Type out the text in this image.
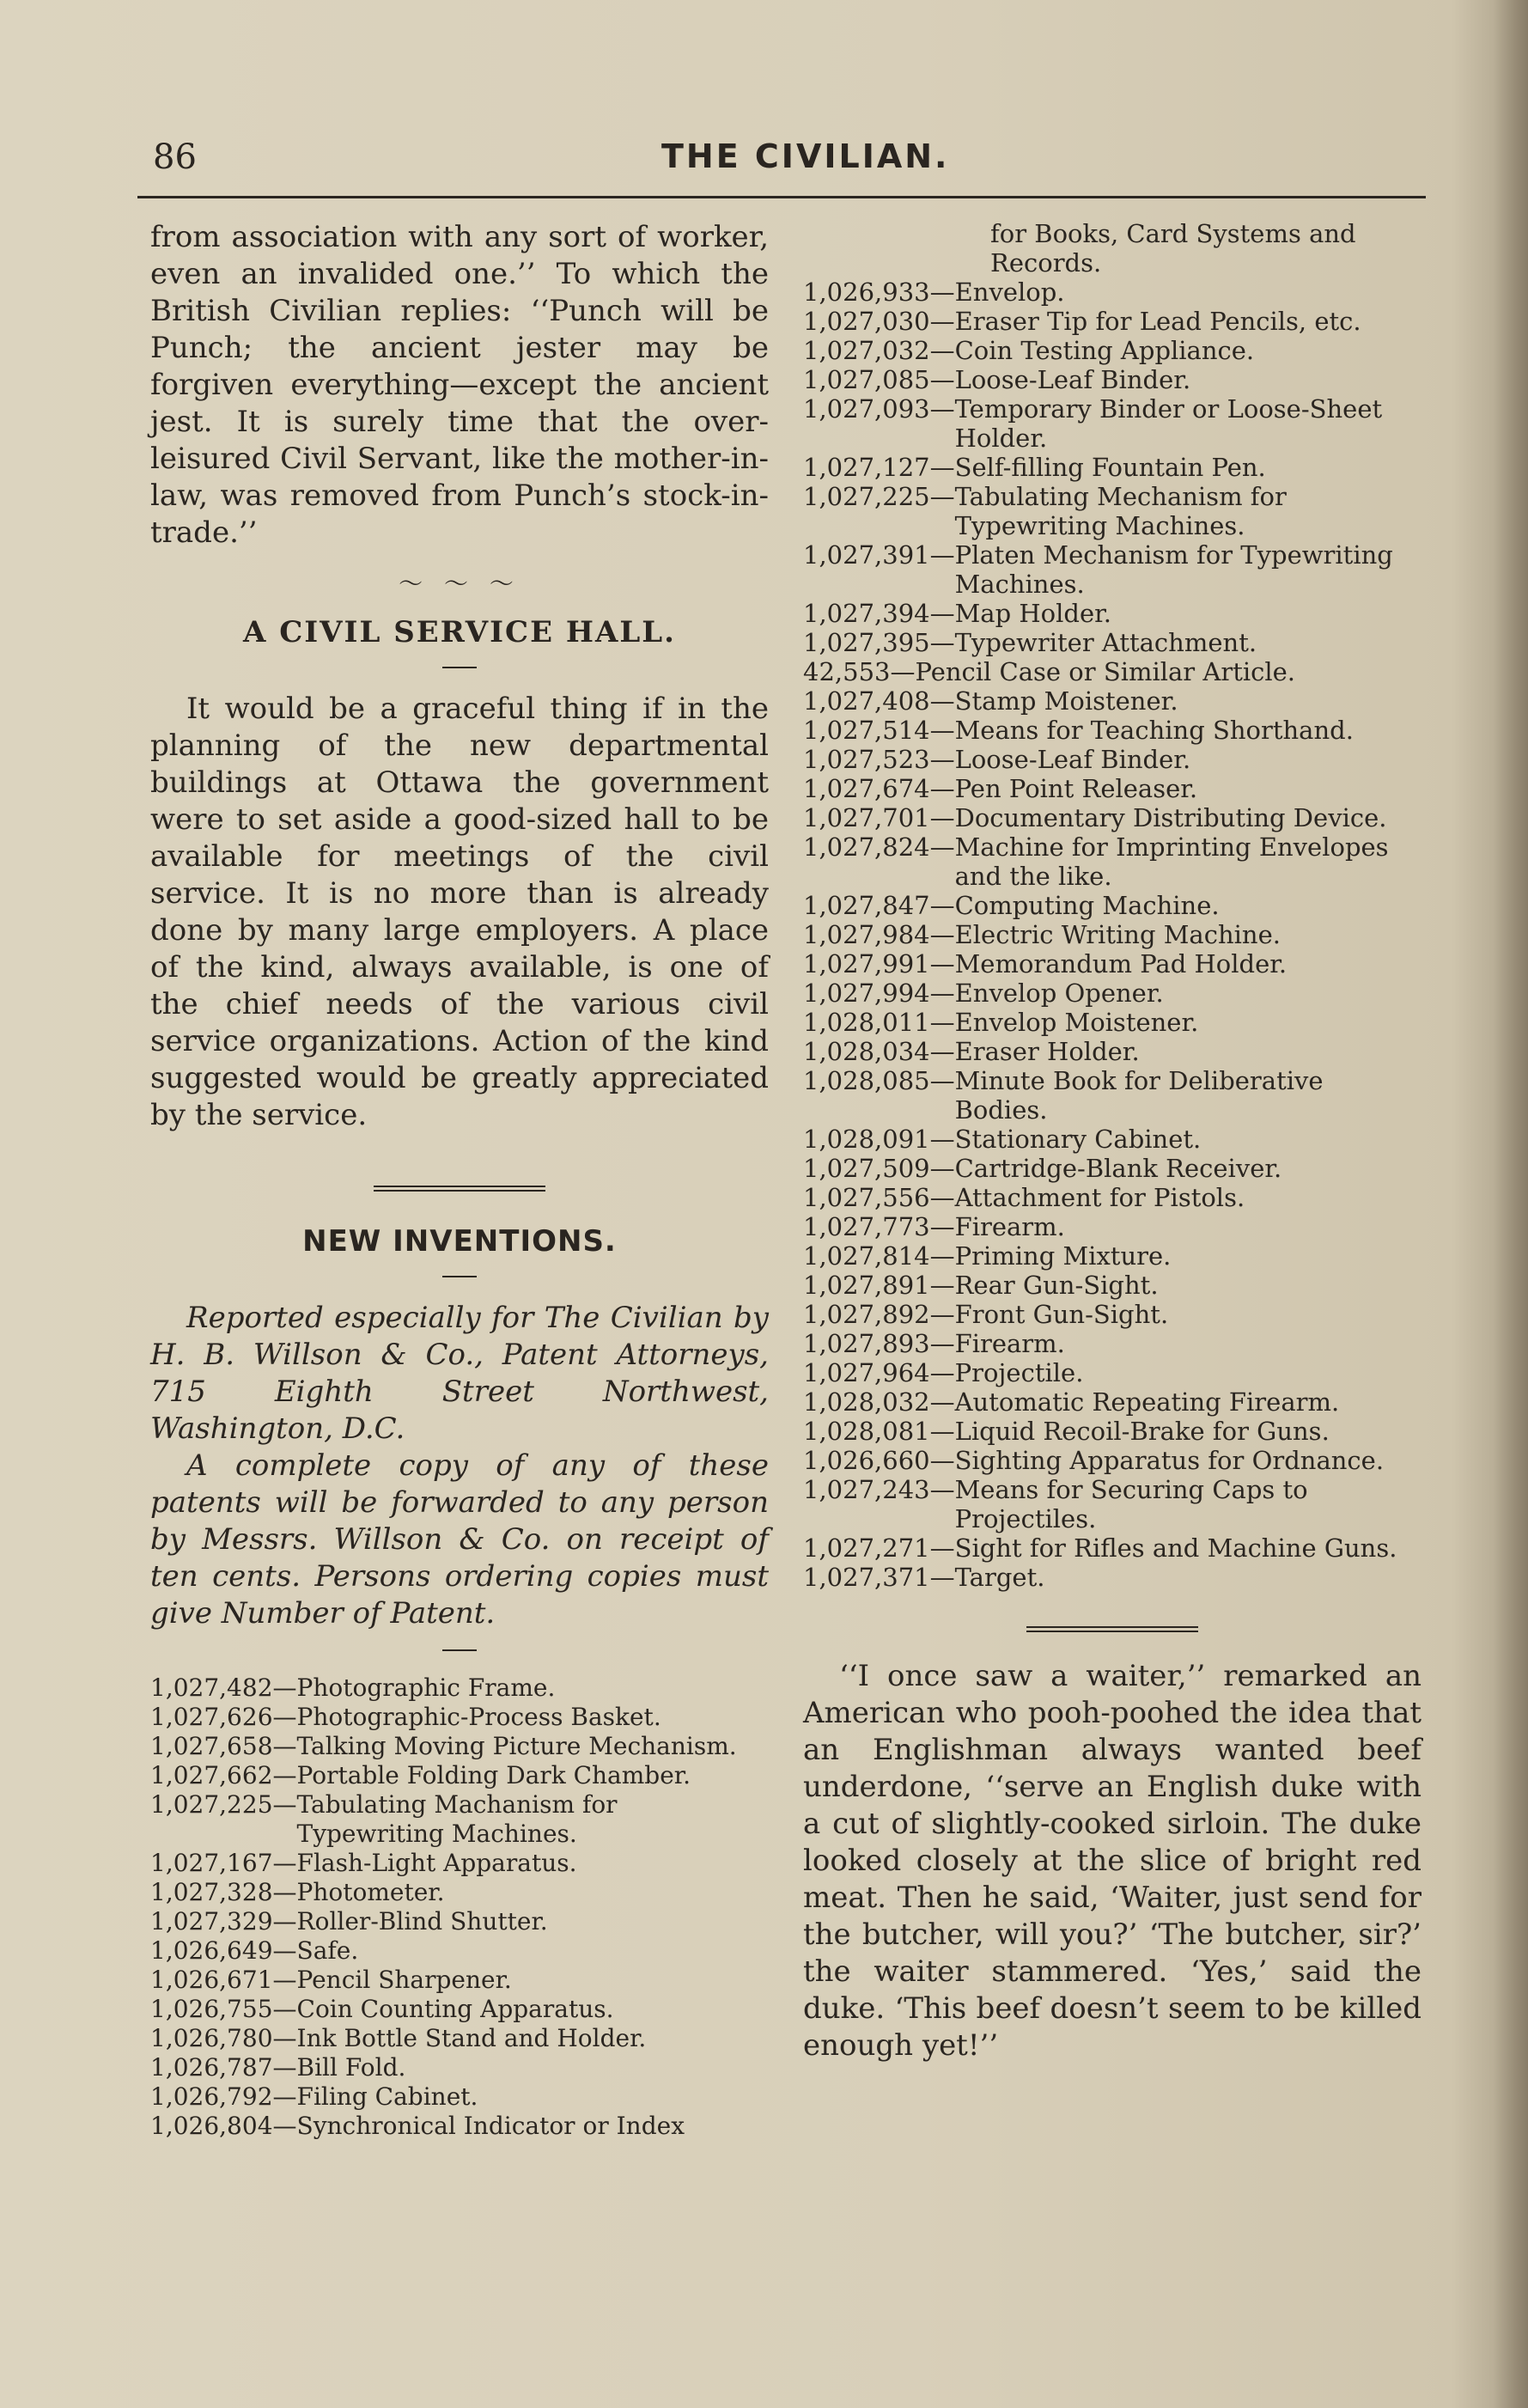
86	THE CIVILIAN.

from association with any sort of worker, even an invalided one.’’ To which the British Civilian replies: ‘‘Punch will be Punch; the ancient jester may be forgiven everything—except the ancient jest. It is surely time that the over-leisured Civil Servant, like the mother-in-law, was removed from Punch’s stock-in-trade.’’

〜 〜 〜
A CIVIL SERVICE HALL.

It would be a graceful thing if in the planning of the new departmental buildings at Ottawa the government were to set aside a good-sized hall to be available for meetings of the civil service. It is no more than is already done by many large employers. A place of the kind, always available, is one of the chief needs of the various civil service organizations. Action of the kind suggested would be greatly appreciated by the service.

NEW INVENTIONS.

Reported especially for The Civilian by H. B. Willson & Co., Patent Attorneys, 715 Eighth Street Northwest, Washington, D.C.

A complete copy of any of these patents will be forwarded to any person by Messrs. Willson & Co. on receipt of ten cents. Persons ordering copies must give Number of Patent.

1,027,482 — Photographic Frame.
1,027,626 — Photographic-Process Basket.
1,027,658 — Talking Moving Picture Mechanism.
1,027,662 — Portable Folding Dark Chamber.
1,027,225 — Tabulating Machanism for Typewriting Machines.
1,027,167 — Flash-Light Apparatus.
1,027,328 — Photometer.
1,027,329 — Roller-Blind Shutter.
1,026,649 — Safe.
1,026,671 — Pencil Sharpener.
1,026,755 — Coin Counting Apparatus.
1,026,780 — Ink Bottle Stand and Holder.
1,026,787 — Bill Fold.
1,026,792 — Filing Cabinet.
1,026,804 — Synchronical Indicator or Index
for Books, Card Systems and Records.
1,026,933 — Envelop.
1,027,030 — Eraser Tip for Lead Pencils, etc.
1,027,032 — Coin Testing Appliance.
1,027,085 — Loose-Leaf Binder.
1,027,093 — Temporary Binder or Loose-Sheet Holder.
1,027,127 — Self-filling Fountain Pen.
1,027,225 — Tabulating Mechanism for Typewriting Machines.
1,027,391 — Platen Mechanism for Typewriting Machines.
1,027,394 — Map Holder.
1,027,395 — Typewriter Attachment.
42,553 — Pencil Case or Similar Article.
1,027,408 — Stamp Moistener.
1,027,514 — Means for Teaching Shorthand.
1,027,523 — Loose-Leaf Binder.
1,027,674 — Pen Point Releaser.
1,027,701 — Documentary Distributing Device.
1,027,824 — Machine for Imprinting Envelopes and the like.
1,027,847 — Computing Machine.
1,027,984 — Electric Writing Machine.
1,027,991 — Memorandum Pad Holder.
1,027,994 — Envelop Opener.
1,028,011 — Envelop Moistener.
1,028,034 — Eraser Holder.
1,028,085 — Minute Book for Deliberative Bodies.
1,028,091 — Stationary Cabinet.
1,027,509 — Cartridge-Blank Receiver.
1,027,556 — Attachment for Pistols.
1,027,773 — Firearm.
1,027,814 — Priming Mixture.
1,027,891 — Rear Gun-Sight.
1,027,892 — Front Gun-Sight.
1,027,893 — Firearm.
1,027,964 — Projectile.
1,028,032 — Automatic Repeating Firearm.
1,028,081 — Liquid Recoil-Brake for Guns.
1,026,660 — Sighting Apparatus for Ordnance.
1,027,243 — Means for Securing Caps to Projectiles.
1,027,271 — Sight for Rifles and Machine Guns.
1,027,371 — Target.

‘‘I once saw a waiter,’’ remarked an American who pooh-poohed the idea that an Englishman always wanted beef underdone, ‘‘serve an English duke with a cut of slightly-cooked sirloin. The duke looked closely at the slice of bright red meat. Then he said, ‘Waiter, just send for the butcher, will you?’ ‘The butcher, sir?’ the waiter stammered. ‘Yes,’ said the duke. ‘This beef doesn’t seem to be killed enough yet!’’
